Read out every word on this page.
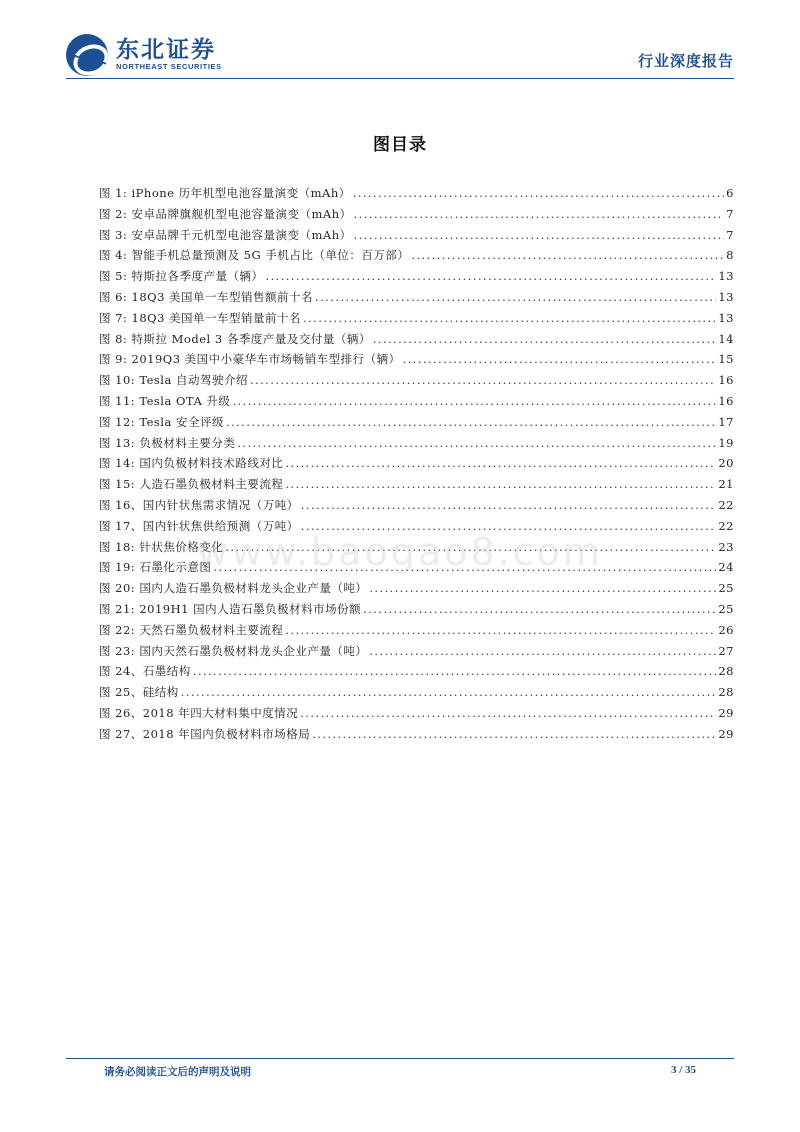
东北证券
NORTHEAST SECURITIES	行业深度报告
图目录
图 1: iPhone 历年机型电池容量演变（mAh） .....	6
图 2: 安卓品牌旗舰机型电池容量演变（mAh） .....	7
图 3: 安卓品牌千元机型电池容量演变（mAh） .....	7
图 4: 智能手机总量预测及 5G 手机占比（单位：百万部） .....	8
图 5: 特斯拉各季度产量（辆） .....	13
图 6: 18Q3 美国单一车型销售额前十名 .....	13
图 7: 18Q3 美国单一车型销量前十名 .....	13
图 8: 特斯拉 Model 3 各季度产量及交付量（辆） .....	14
图 9: 2019Q3 美国中小豪华车市场畅销车型排行（辆） .....	15
图 10: Tesla 自动驾驶介绍 .....	16
图 11: Tesla OTA 升级 .....	16
图 12: Tesla 安全评级 .....	17
图 13: 负极材料主要分类 .....	19
图 14: 国内负极材料技术路线对比 .....	20
图 15: 人造石墨负极材料主要流程 .....	21
图 16、国内针状焦需求情况（万吨） .....	22
图 17、国内针状焦供给预测（万吨） .....	22
图 18: 针状焦价格变化 .....	23
图 19: 石墨化示意图 .....	24
图 20: 国内人造石墨负极材料龙头企业产量（吨） .....	25
图 21: 2019H1 国内人造石墨负极材料市场份额 .....	25
图 22: 天然石墨负极材料主要流程 .....	26
图 23: 国内天然石墨负极材料龙头企业产量（吨） .....	27
图 24、石墨结构 .....	28
图 25、硅结构 .....	28
图 26、2018 年四大材料集中度情况 .....	29
图 27、2018 年国内负极材料市场格局 .....	29
www.baogao8.com
请务必阅读正文后的声明及说明	3 / 35
